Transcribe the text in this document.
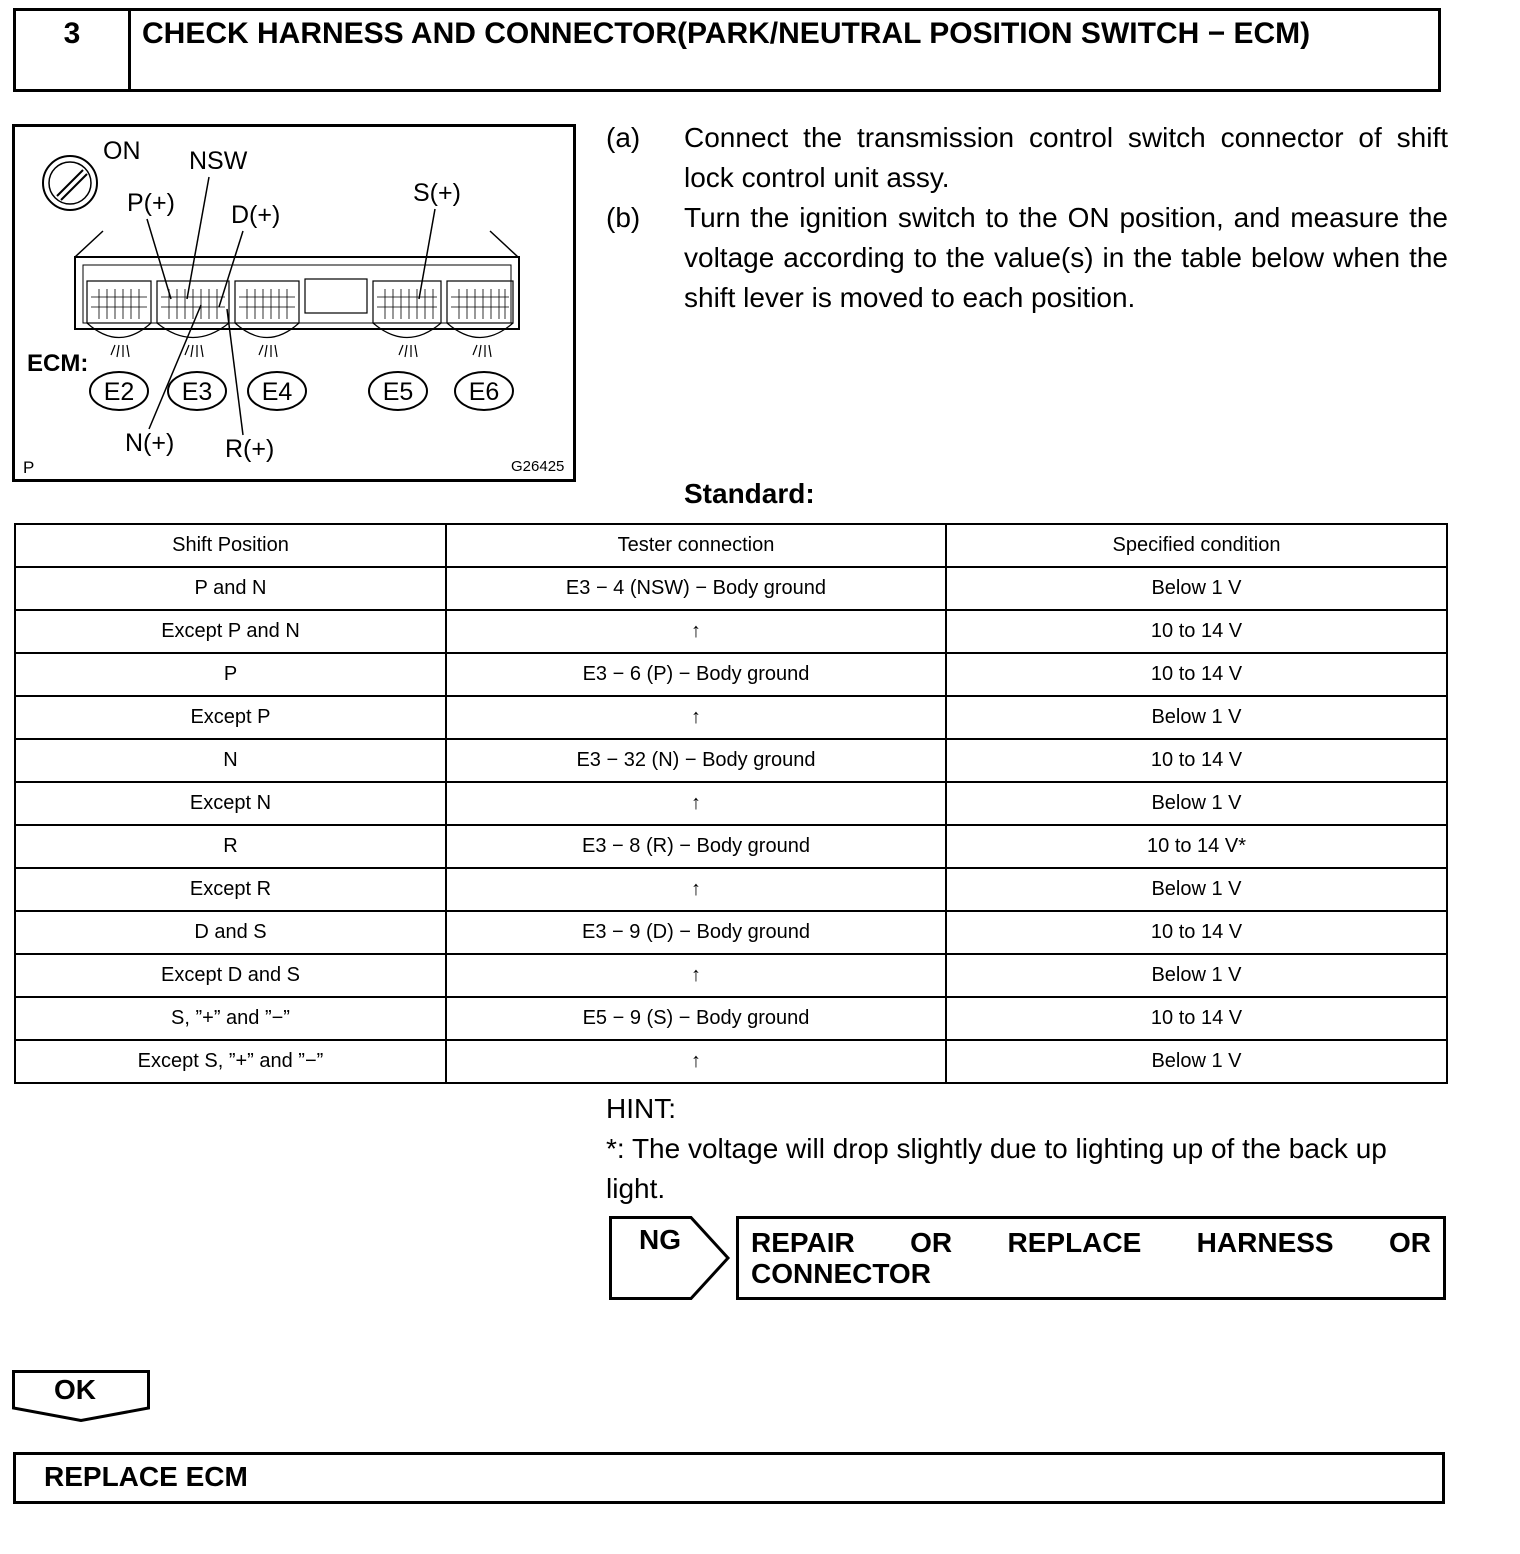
3	CHECK HARNESS AND CONNECTOR(PARK/NEUTRAL POSITION SWITCH − ECM)
ON
ECM:
E2 E3 E4	E5 E6
NSW
P(+) D(+)
S(+)
N(+) R(+)
P	G26425
(a)	Connect the transmission control switch connector of shift lock control unit assy.
(b)	Turn the ignition switch to the ON position, and measure the voltage according to the value(s) in the table below when the shift lever is moved to each position.
Standard:
Shift Position	Tester connection	Specified condition
P and N	E3 − 4 (NSW) − Body ground	Below 1 V
Except P and N	↑	10 to 14 V
P	E3 − 6 (P) − Body ground	10 to 14 V
Except P	↑	Below 1 V
N	E3 − 32 (N) − Body ground	10 to 14 V
Except N	↑	Below 1 V
R	E3 − 8 (R) − Body ground	10 to 14 V*
Except R	↑	Below 1 V
D and S	E3 − 9 (D) − Body ground	10 to 14 V
Except D and S	↑	Below 1 V
S, ”+” and ”−”	E5 − 9 (S) − Body ground	10 to 14 V
Except S, ”+” and ”−”	↑	Below 1 V
HINT:
*: The voltage will drop slightly due to lighting up of the back up light.
NG	REPAIR OR REPLACE HARNESS OR CONNECTOR
OK
REPLACE ECM
